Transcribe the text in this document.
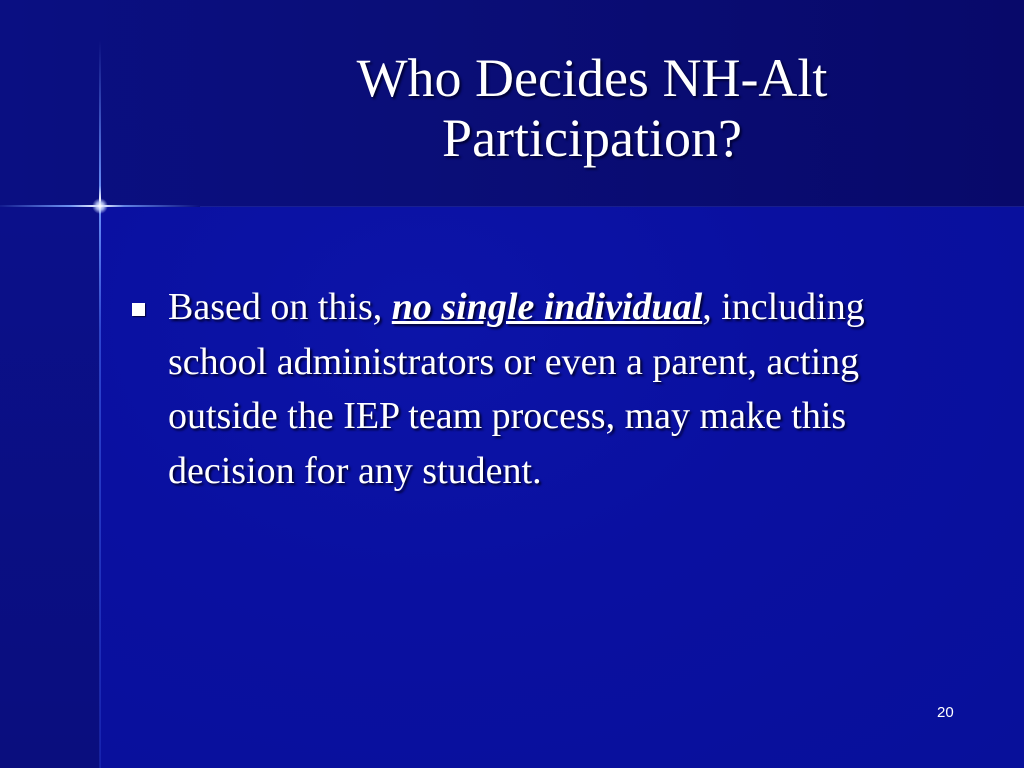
Who Decides NH-Alt
Participation?
Based on this, no single individual, including school administrators or even a parent, acting outside the IEP team process, may make this decision for any student.
20
